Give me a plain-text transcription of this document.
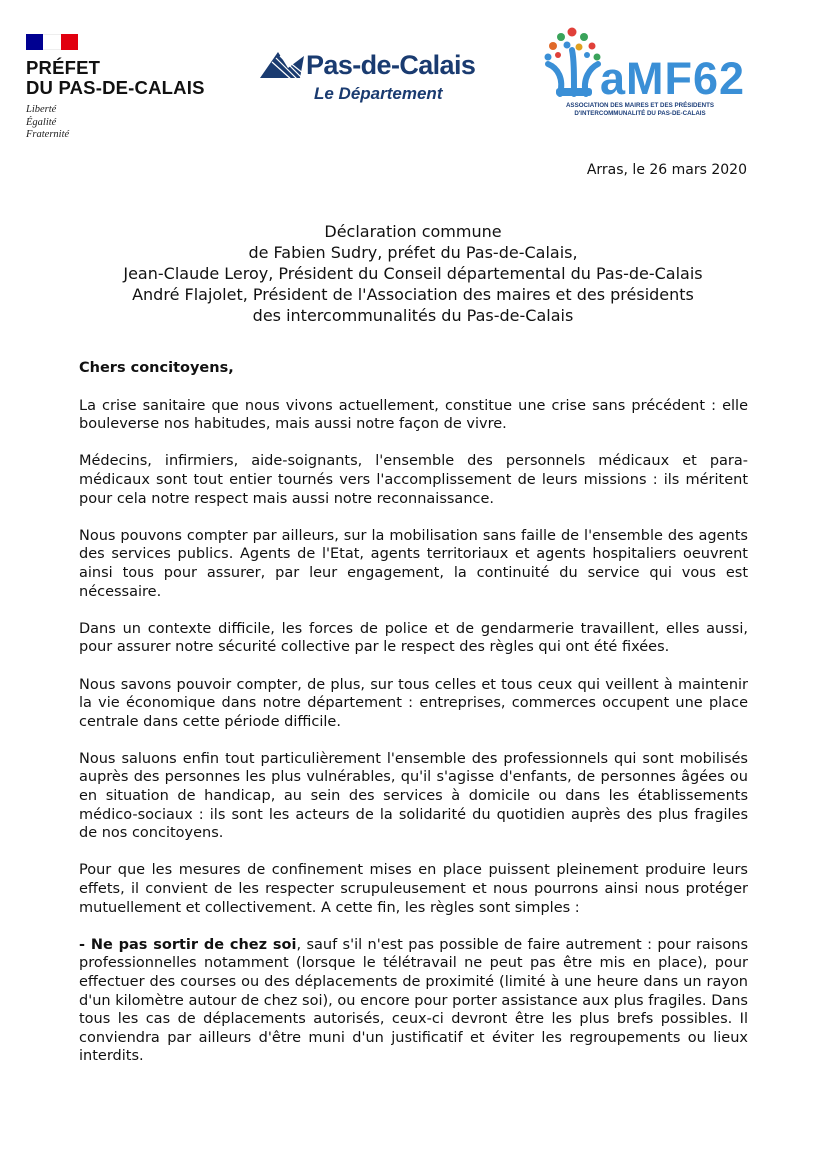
PRÉFET
DU PAS-DE-CALAIS
Liberté
Égalité
Fraternité
Pas-de-Calais
Le Département	aMF62
ASSOCIATION DES MAIRES ET DES PRÉSIDENTS
D'INTERCOMMUNALITÉ DU PAS-DE-CALAIS
Arras, le 26 mars 2020
Déclaration commune
de Fabien Sudry, préfet du Pas-de-Calais,
Jean-Claude Leroy, Président du Conseil départemental du Pas-de-Calais
André Flajolet, Président de l'Association des maires et des présidents
des intercommunalités du Pas-de-Calais

Chers concitoyens,

La crise sanitaire que nous vivons actuellement, constitue une crise sans précédent : elle bouleverse nos habitudes, mais aussi notre façon de vivre.

Médecins, infirmiers, aide-soignants, l'ensemble des personnels médicaux et para-médicaux sont tout entier tournés vers l'accomplissement de leurs missions : ils méritent pour cela notre respect mais aussi notre reconnaissance.

Nous pouvons compter par ailleurs, sur la mobilisation sans faille de l'ensemble des agents des services publics. Agents de l'Etat, agents territoriaux et agents hospitaliers oeuvrent ainsi tous pour assurer, par leur engagement, la continuité du service qui vous est nécessaire.

Dans un contexte difficile, les forces de police et de gendarmerie travaillent, elles aussi, pour assurer notre sécurité collective par le respect des règles qui ont été fixées.

Nous savons pouvoir compter, de plus, sur tous celles et tous ceux qui veillent à maintenir la vie économique dans notre département : entreprises, commerces occupent une place centrale dans cette période difficile.

Nous saluons enfin tout particulièrement l'ensemble des professionnels qui sont mobilisés auprès des personnes les plus vulnérables, qu'il s'agisse d'enfants, de personnes âgées ou en situation de handicap, au sein des services à domicile ou dans les établissements médico-sociaux : ils sont les acteurs de la solidarité du quotidien auprès des plus fragiles de nos concitoyens.

Pour que les mesures de confinement mises en place puissent pleinement produire leurs effets, il convient de les respecter scrupuleusement et nous pourrons ainsi nous protéger mutuellement et collectivement. A cette fin, les règles sont simples :

- Ne pas sortir de chez soi, sauf s'il n'est pas possible de faire autrement : pour raisons professionnelles notamment (lorsque le télétravail ne peut pas être mis en place), pour effectuer des courses ou des déplacements de proximité (limité à une heure dans un rayon d'un kilomètre autour de chez soi), ou encore pour porter assistance aux plus fragiles. Dans tous les cas de déplacements autorisés, ceux-ci devront être les plus brefs possibles. Il conviendra par ailleurs d'être muni d'un justificatif et éviter les regroupements ou lieux interdits.
